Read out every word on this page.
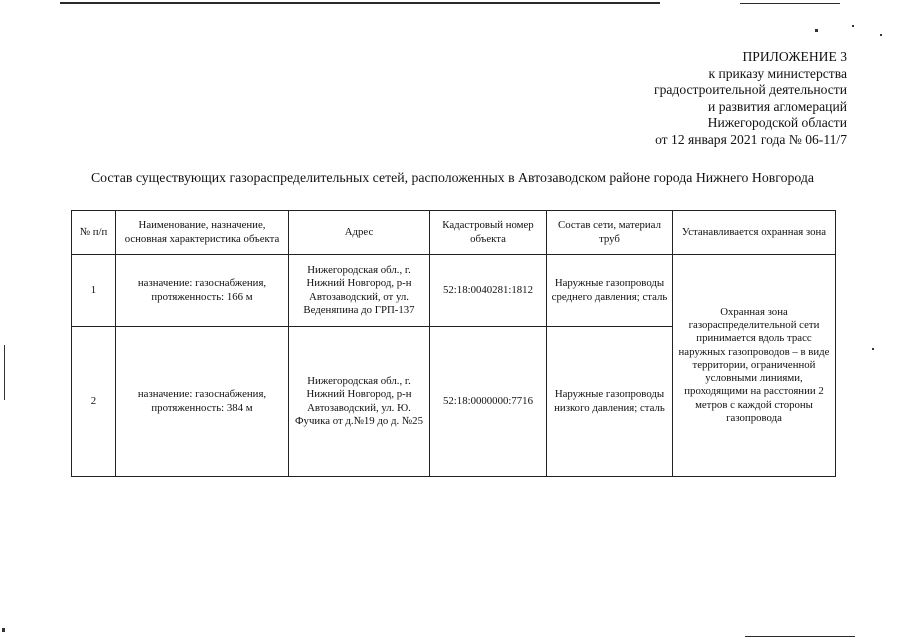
ПРИЛОЖЕНИЕ 3
к приказу министерства
градостроительной деятельности
и развития агломераций
Нижегородской области
от 12 января 2021 года № 06-11/7
Состав существующих газораспределительных сетей, расположенных в Автозаводском районе города Нижнего Новгорода
№ п/п	Наименование, назначение, основная характеристика объекта	Адрес	Кадастровый номер объекта	Состав сети, материал труб	Устанавливается охранная зона
1	назначение: газоснабжения, протяженность: 166 м	Нижегородская обл., г. Нижний Новгород, р-н Автозаводский, от ул. Веденяпина до ГРП-137	52:18:0040281:1812	Наружные газопроводы среднего давления; сталь	Охранная зона газораспределительной сети принимается вдоль трасс наружных газопроводов – в виде территории, ограниченной условными линиями, проходящими на расстоянии 2 метров с каждой стороны газопровода
2	назначение: газоснабжения, протяженность: 384 м	Нижегородская обл., г. Нижний Новгород, р-н Автозаводский, ул. Ю. Фучика от д.№19 до д. №25	52:18:0000000:7716	Наружные газопроводы низкого давления; сталь	
